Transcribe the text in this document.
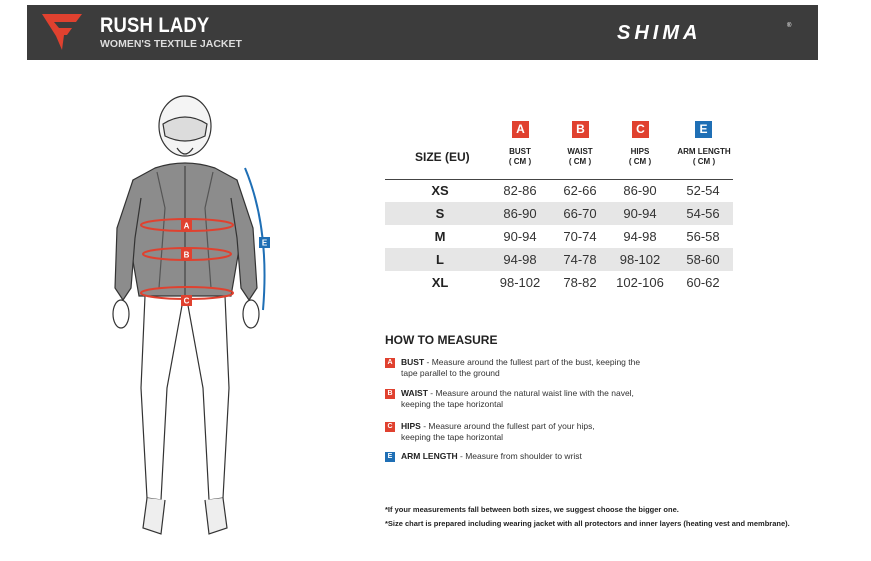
RUSH LADY
WOMEN'S TEXTILE JACKET	SHIMA	®
A
B
C
E
SIZE (EU)
A	B	C	E
BUST
( CM )
WAIST
( CM )
HIPS
( CM )
ARM LENGTH
( CM )
XS	82-86	62-66	86-90	52-54
S	86-90	66-70	90-94	54-56
M	90-94	70-74	94-98	56-58
L	94-98	74-78	98-102	58-60
XL	98-102	78-82	102-106	60-62
HOW TO MEASURE
A BUST - Measure around the fullest part of the bust, keeping the
tape parallel to the ground
B WAIST - Measure around the natural waist line with the navel,
keeping the tape horizontal
C HIPS - Measure around the fullest part of your hips,
keeping the tape horizontal
E	ARM LENGTH - Measure from shoulder to wrist
*If your measurements fall between both sizes, we suggest choose the bigger one.
*Size chart is prepared including wearing jacket with all protectors and inner layers (heating vest and membrane).
